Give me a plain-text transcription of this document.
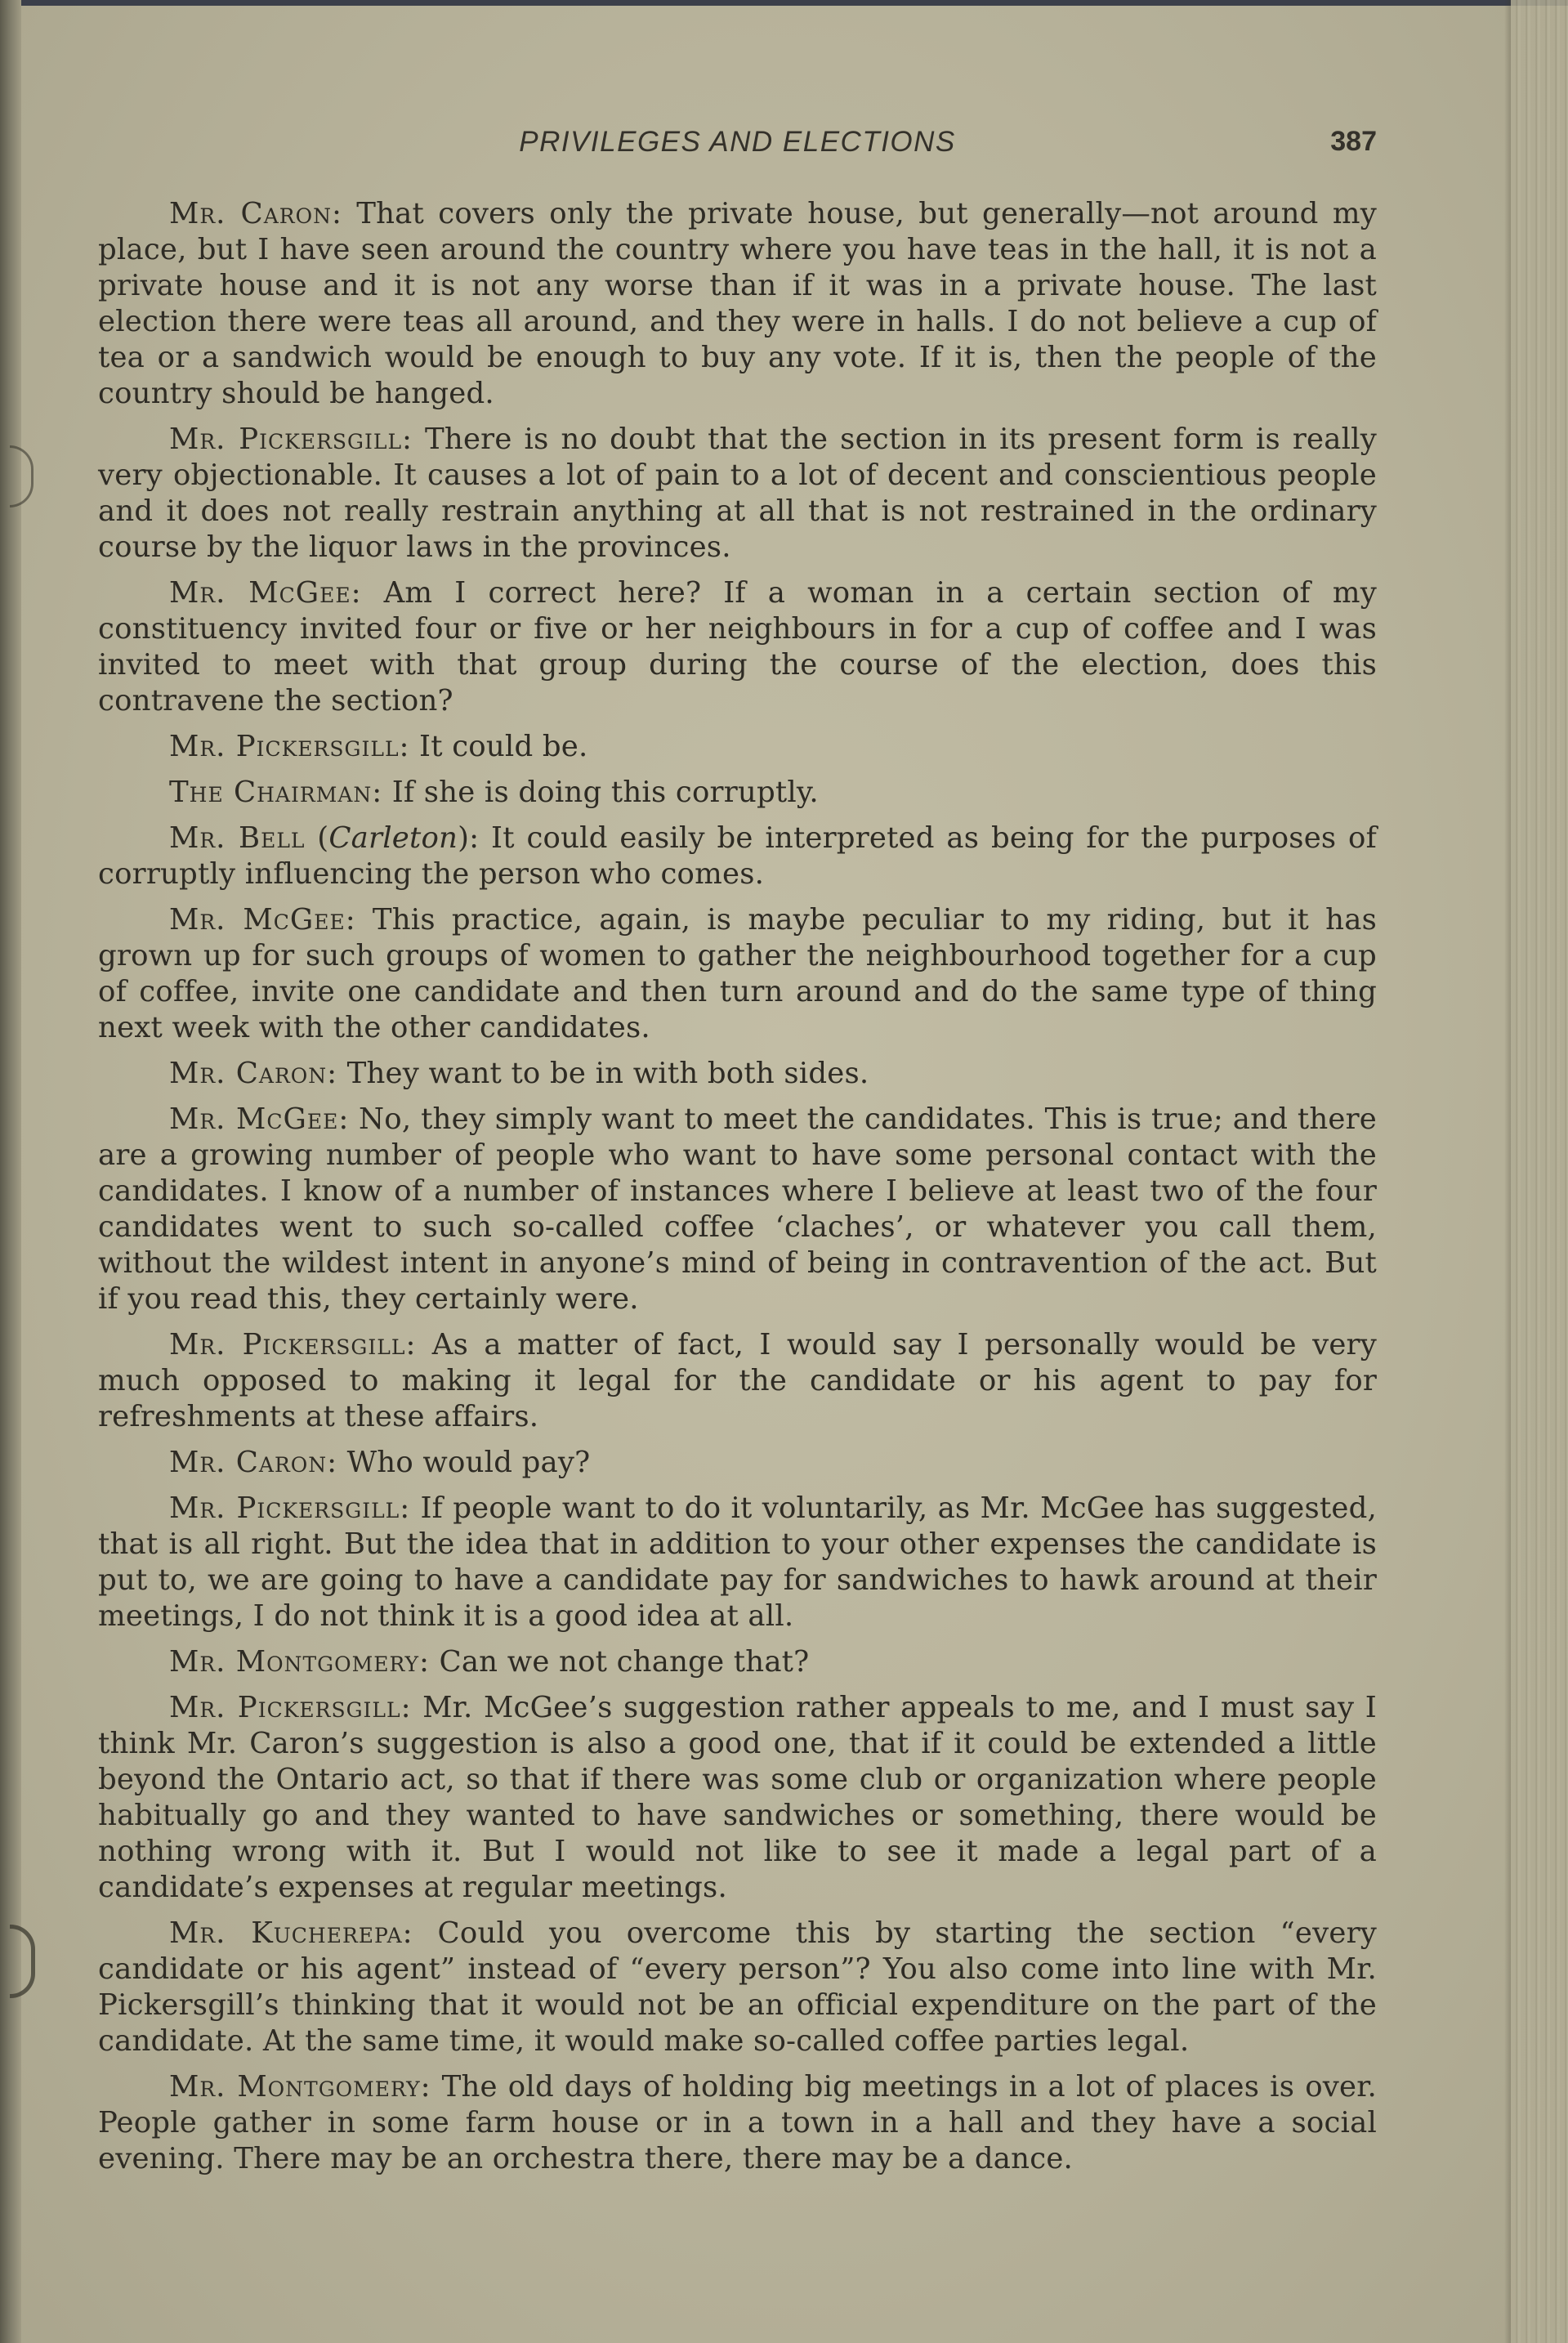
PRIVILEGES AND ELECTIONS	387

Mr. Caron: That covers only the private house, but generally—not around my place, but I have seen around the country where you have teas in the hall, it is not a private house and it is not any worse than if it was in a private house. The last election there were teas all around, and they were in halls. I do not believe a cup of tea or a sandwich would be enough to buy any vote. If it is, then the people of the country should be hanged.

Mr. Pickersgill: There is no doubt that the section in its present form is really very objectionable. It causes a lot of pain to a lot of decent and conscientious people and it does not really restrain anything at all that is not restrained in the ordinary course by the liquor laws in the provinces.

Mr. McGee: Am I correct here? If a woman in a certain section of my constituency invited four or five or her neighbours in for a cup of coffee and I was invited to meet with that group during the course of the election, does this contravene the section?

Mr. Pickersgill: It could be.

The Chairman: If she is doing this corruptly.

Mr. Bell (Carleton): It could easily be interpreted as being for the purposes of corruptly influencing the person who comes.

Mr. McGee: This practice, again, is maybe peculiar to my riding, but it has grown up for such groups of women to gather the neighbourhood together for a cup of coffee, invite one candidate and then turn around and do the same type of thing next week with the other candidates.

Mr. Caron: They want to be in with both sides.

Mr. McGee: No, they simply want to meet the candidates. This is true; and there are a growing number of people who want to have some personal contact with the candidates. I know of a number of instances where I believe at least two of the four candidates went to such so-called coffee ‘claches’, or whatever you call them, without the wildest intent in anyone’s mind of being in contravention of the act. But if you read this, they certainly were.

Mr. Pickersgill: As a matter of fact, I would say I personally would be very much opposed to making it legal for the candidate or his agent to pay for refreshments at these affairs.

Mr. Caron: Who would pay?

Mr. Pickersgill: If people want to do it voluntarily, as Mr. McGee has suggested, that is all right. But the idea that in addition to your other expenses the candidate is put to, we are going to have a candidate pay for sandwiches to hawk around at their meetings, I do not think it is a good idea at all.

Mr. Montgomery: Can we not change that?

Mr. Pickersgill: Mr. McGee’s suggestion rather appeals to me, and I must say I think Mr. Caron’s suggestion is also a good one, that if it could be extended a little beyond the Ontario act, so that if there was some club or organization where people habitually go and they wanted to have sandwiches or something, there would be nothing wrong with it. But I would not like to see it made a legal part of a candidate’s expenses at regular meetings.

Mr. Kucherepa: Could you overcome this by starting the section “every candidate or his agent” instead of “every person”? You also come into line with Mr. Pickersgill’s thinking that it would not be an official expenditure on the part of the candidate. At the same time, it would make so-called coffee parties legal.

Mr. Montgomery: The old days of holding big meetings in a lot of places is over. People gather in some farm house or in a town in a hall and they have a social evening. There may be an orchestra there, there may be a dance.
